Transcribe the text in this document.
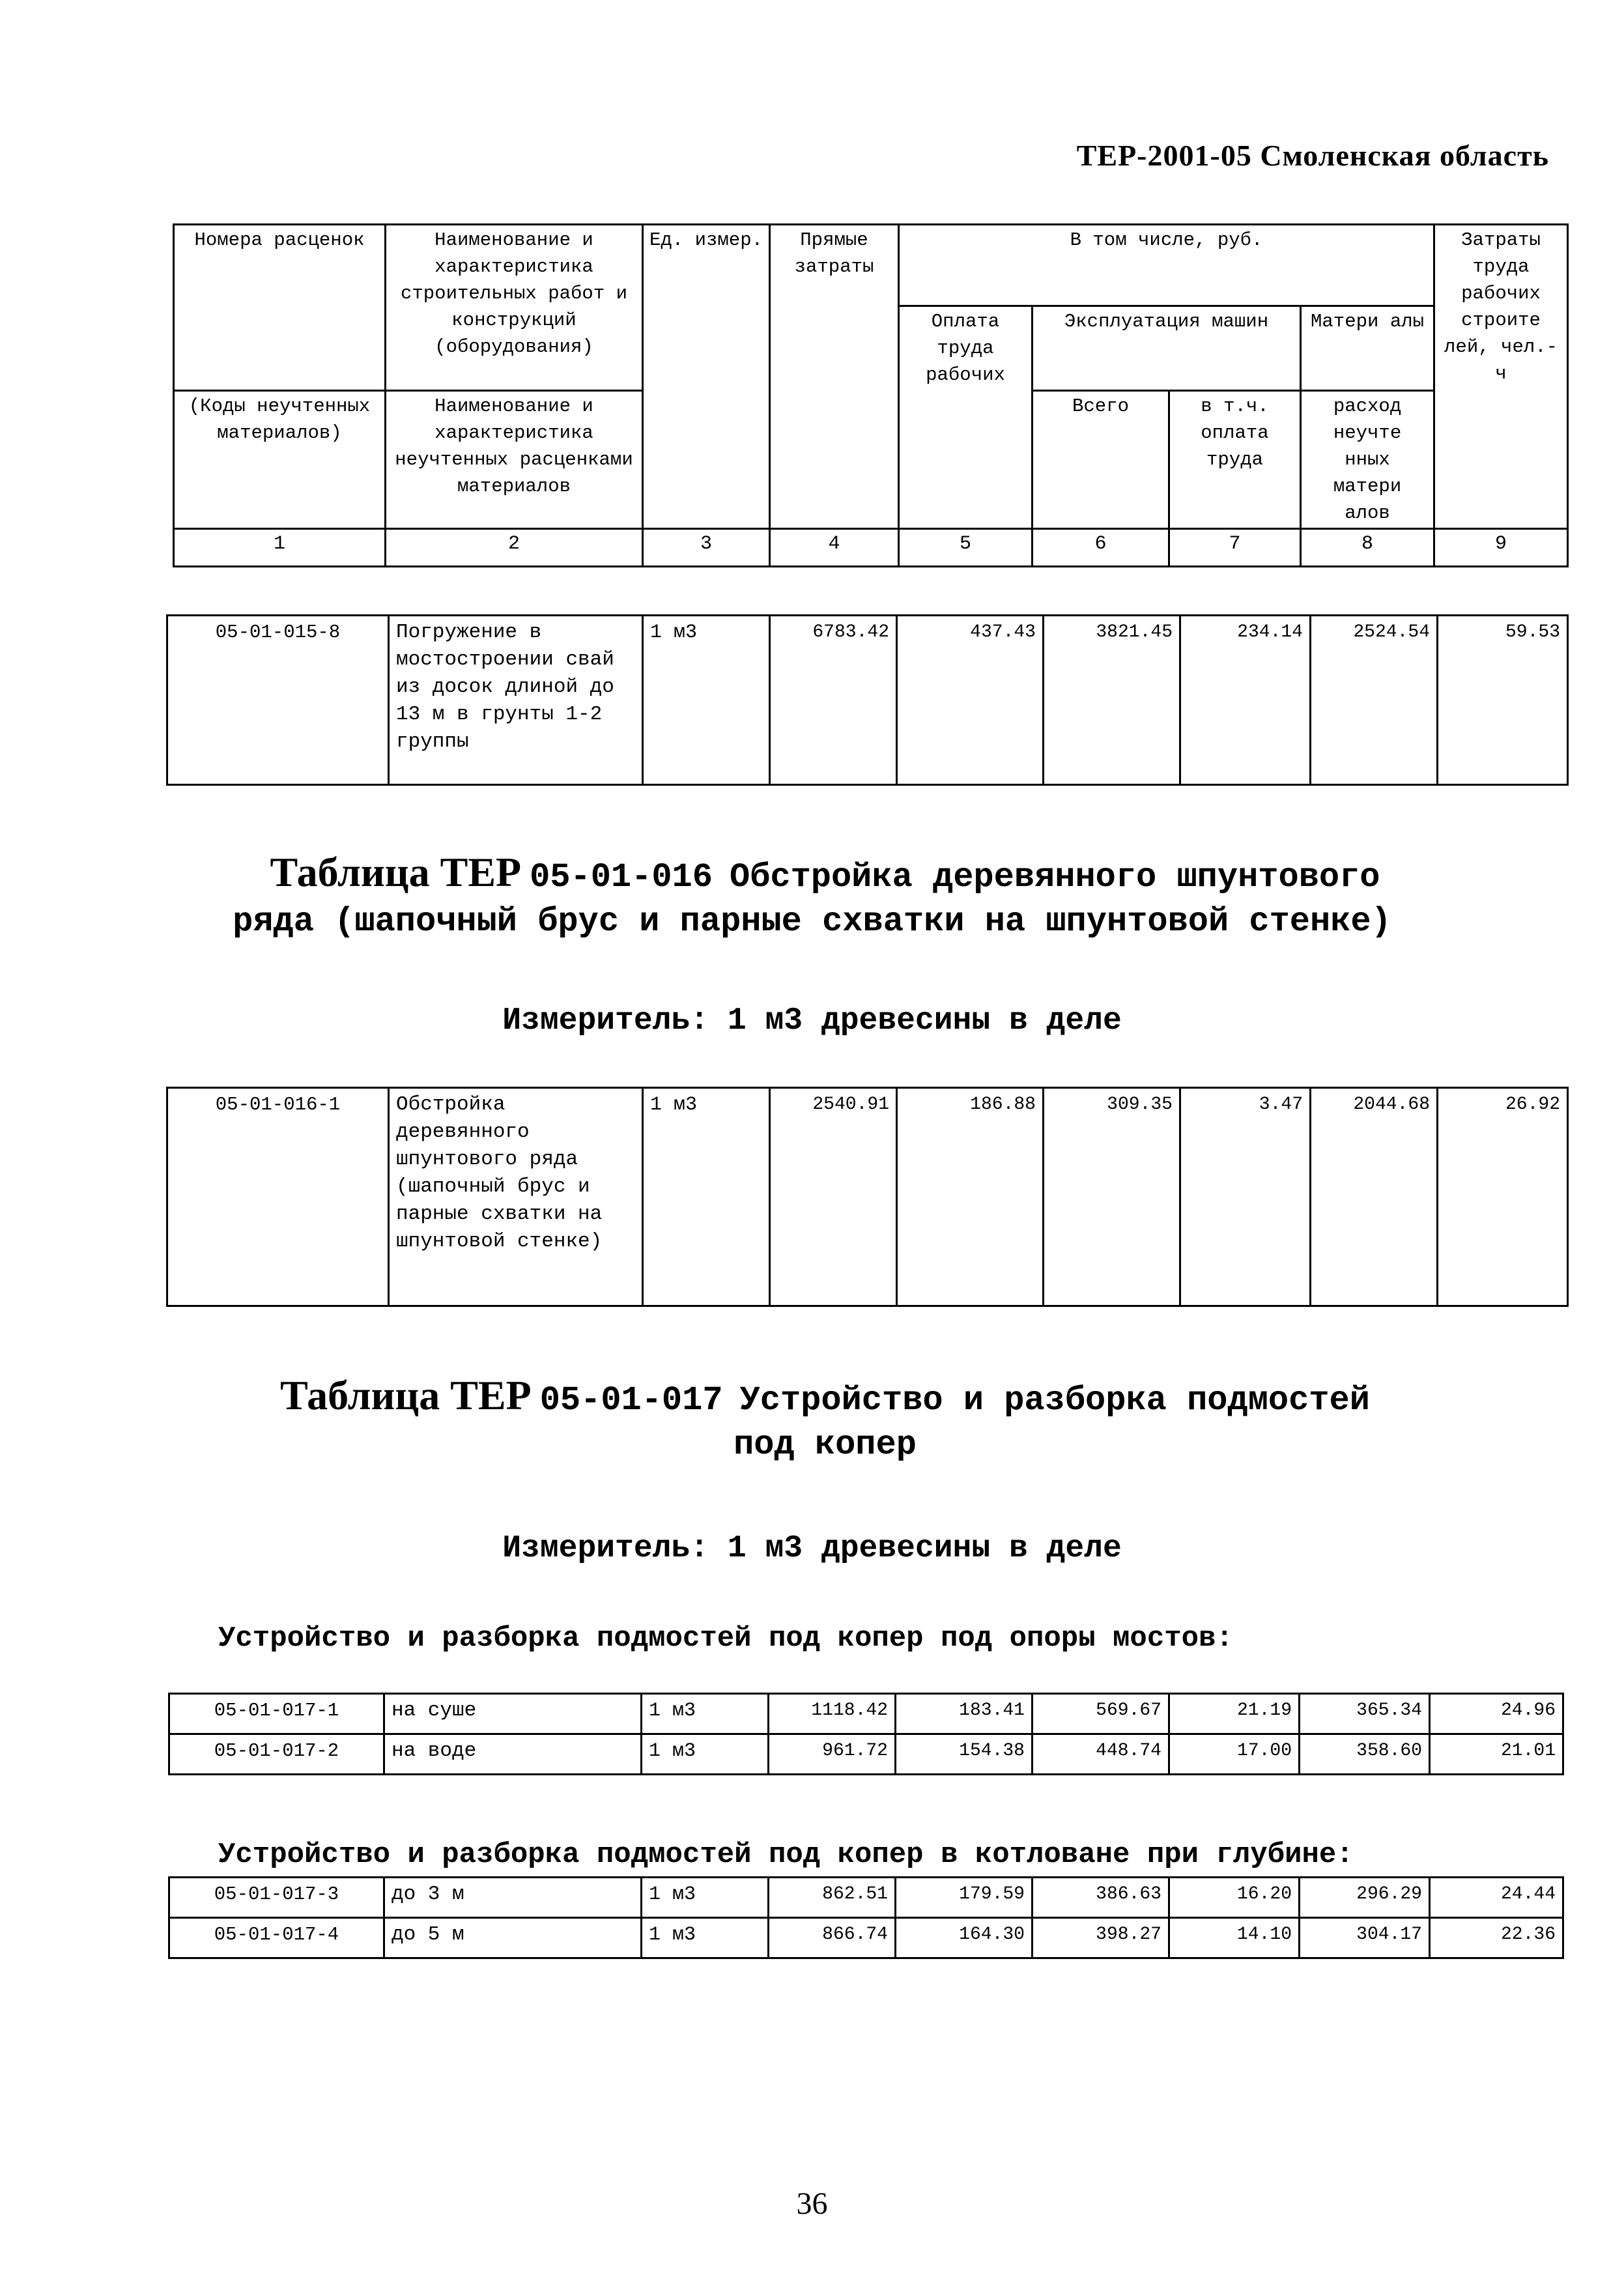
ТЕР-2001-05 Смоленская область
Номера расценок	Наименование и характеристика строительных работ и конструкций (оборудования)	Ед. измер.	Прямые затраты	В том числе, руб.				Затраты труда рабочих строите лей, чел.-ч
				Оплата труда рабочих	Эксплуатация машин		Матери алы	
(Коды неучтенных материалов)	Наименование и характеристика неучтенных расценками материалов				Всего	в т.ч. оплата труда	расход неучте нных матери алов	

1	2	3	4	5	6	7	8	9
05-01-015-8	Погружение в мостостроении свай из досок длиной до 13 м в грунты 1-2 группы	1 м3	6783.42	437.43	3821.45	234.14	2524.54	59.53
Таблица ТЕР 05-01-016 Обстройка деревянного шпунтового
ряда (шапочный брус и парные схватки на шпунтовой стенке)
Измеритель: 1 м3 древесины в деле
05-01-016-1	Обстройка деревянного шпунтового ряда (шапочный брус и парные схватки на шпунтовой стенке)	1 м3	2540.91	186.88	309.35	3.47	2044.68	26.92
Таблица ТЕР 05-01-017 Устройство и разборка подмостей
под копер
Измеритель: 1 м3 древесины в деле
Устройство и разборка подмостей под копер под опоры мостов:
05-01-017-1	на суше	1 м3	1118.42	183.41	569.67	21.19	365.34	24.96
05-01-017-2	на воде	1 м3	961.72	154.38	448.74	17.00	358.60	21.01
Устройство и разборка подмостей под копер в котловане при глубине:
05-01-017-3	до 3 м	1 м3	862.51	179.59	386.63	16.20	296.29	24.44
05-01-017-4	до 5 м	1 м3	866.74	164.30	398.27	14.10	304.17	22.36
36
